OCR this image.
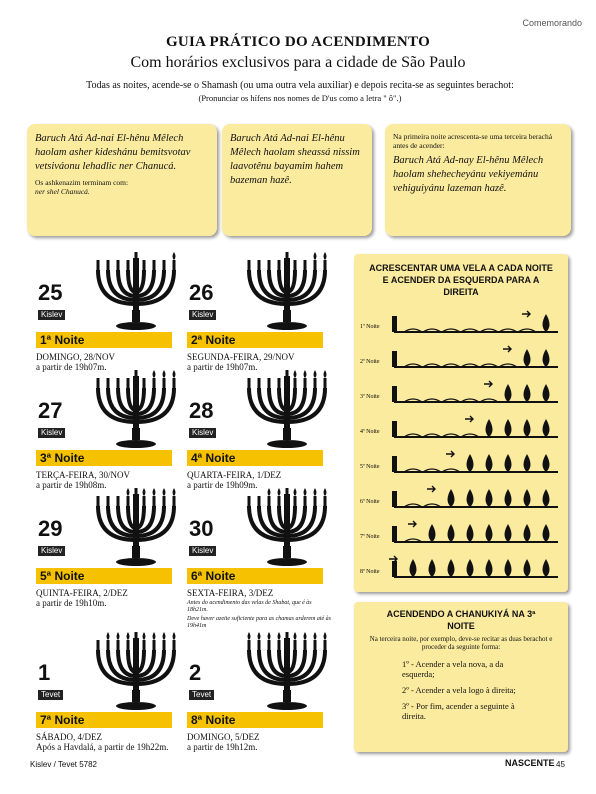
Comemorando
GUIA PRÁTICO DO ACENDIMENTO
Com horários exclusivos para a cidade de São Paulo
Todas as noites, acende-se o Shamash (ou uma outra vela auxiliar) e depois recita-se as seguintes berachot:
(Pronunciar os hífens nos nomes de D'us como a letra " ô".)
Baruch Atá Ad-nai El-hênu Mêlech haolam asher kideshánu bemitsvotav vetsiváonu lehadlic ner Chanucá.
Os ashkenazim terminam com:
ner shel Chanucá.
Baruch Atá Ad-nai El-hênu Mêlech haolam sheassá nissim laavotênu bayamim hahem bazeman hazê.
Na primeira noite acrescenta-se uma terceira berachá antes de acender:
Baruch Atá Ad-nay El-hênu Mêlech haolam shehecheyánu vekiyemánu vehiguiyánu lazeman hazê.
25
Kislev
1ª Noite
DOMINGO, 28/NOV
a partir de 19h07m.
26
Kislev
2ª Noite
SEGUNDA-FEIRA, 29/NOV
a partir de 19h07m.
27
Kislev
3ª Noite
TERÇA-FEIRA, 30/NOV
a partir de 19h08m.
28
Kislev
4ª Noite
QUARTA-FEIRA, 1/DEZ
a partir de 19h09m.
29
Kislev
5ª Noite
QUINTA-FEIRA, 2/DEZ
a partir de 19h10m.
30
Kislev
6ª Noite
SEXTA-FEIRA, 3/DEZ
Antes do acendimento das velas de Shabat, que é às 18h21m.
Deve haver azeite suficiente para as chamas arderem até às 19h41m
1
Tevet
7ª Noite
SÁBADO, 4/DEZ
Após a Havdalá, a partir de 19h22m.
2
Tevet
8ª Noite
DOMINGO, 5/DEZ
a partir de 19h12m.
ACRESCENTAR UMA VELA A CADA NOITE E ACENDER DA ESQUERDA PARA A DIREITA
1ª Noite
2ª Noite
3ª Noite
4ª Noite
5ª Noite
6ª Noite
7ª Noite
8ª Noite
ACENDENDO A CHANUKIYÁ NA 3ª NOITE
Na terceira noite, por exemplo, deve-se recitar as duas berachot e proceder da seguinte forma:
1º - Acender a vela nova, a da esquerda;
2º - Acender a vela logo à direita;
3º - Por fim, acender a seguinte à direita.
Kislev / Tevet 5782	NASCENTE 45
